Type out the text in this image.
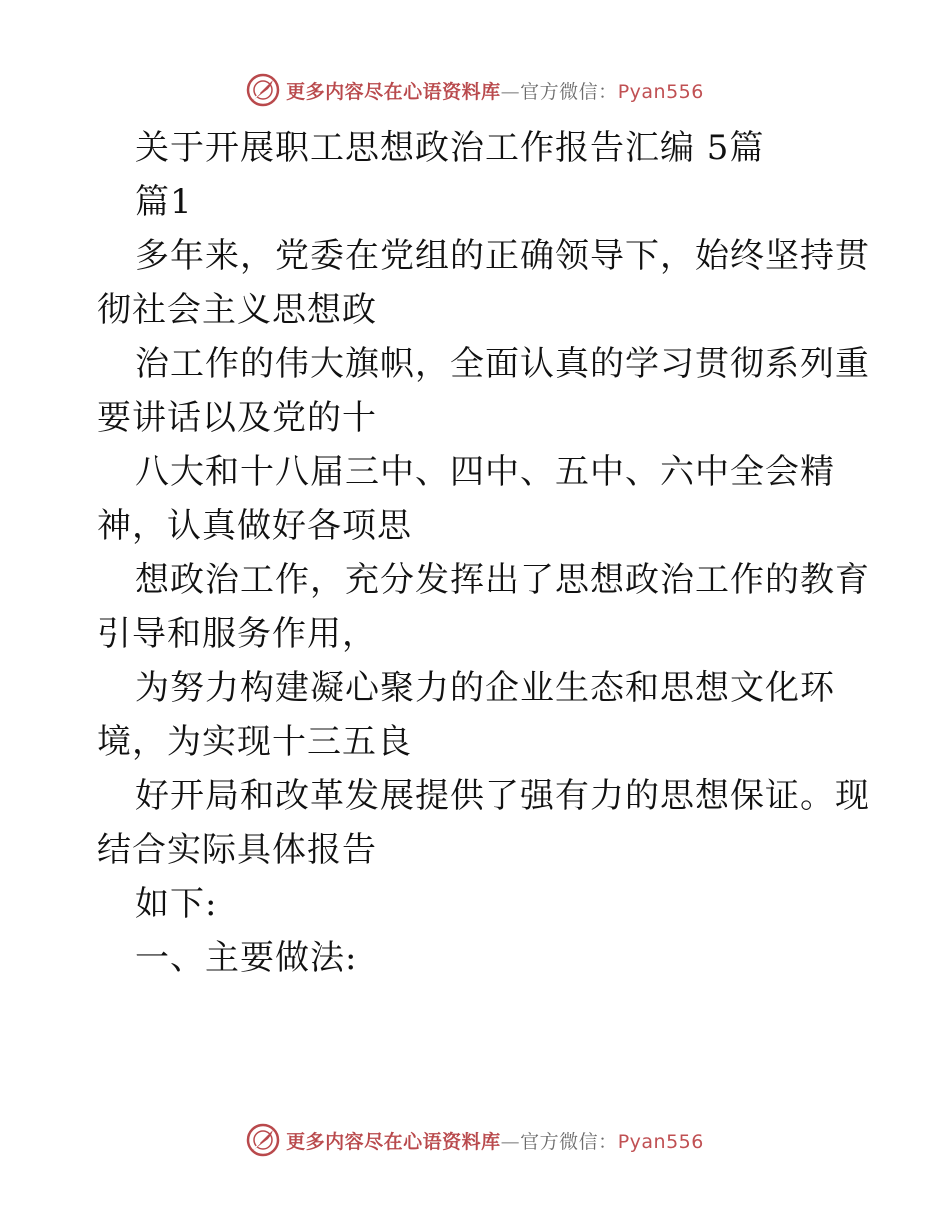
更多内容尽在心语资料库—官方微信：Pyan556
关于开展职工思想政治工作报告汇编 5篇
篇1
多年来，党委在党组的正确领导下，始终坚持贯
彻社会主义思想政
治工作的伟大旗帜，全面认真的学习贯彻系列重
要讲话以及党的十
八大和十八届三中、四中、五中、六中全会精
神，认真做好各项思
想政治工作，充分发挥出了思想政治工作的教育
引导和服务作用，
为努力构建凝心聚力的企业生态和思想文化环
境，为实现十三五良
好开局和改革发展提供了强有力的思想保证。现
结合实际具体报告
如下:
一、主要做法:
更多内容尽在心语资料库—官方微信：Pyan556
